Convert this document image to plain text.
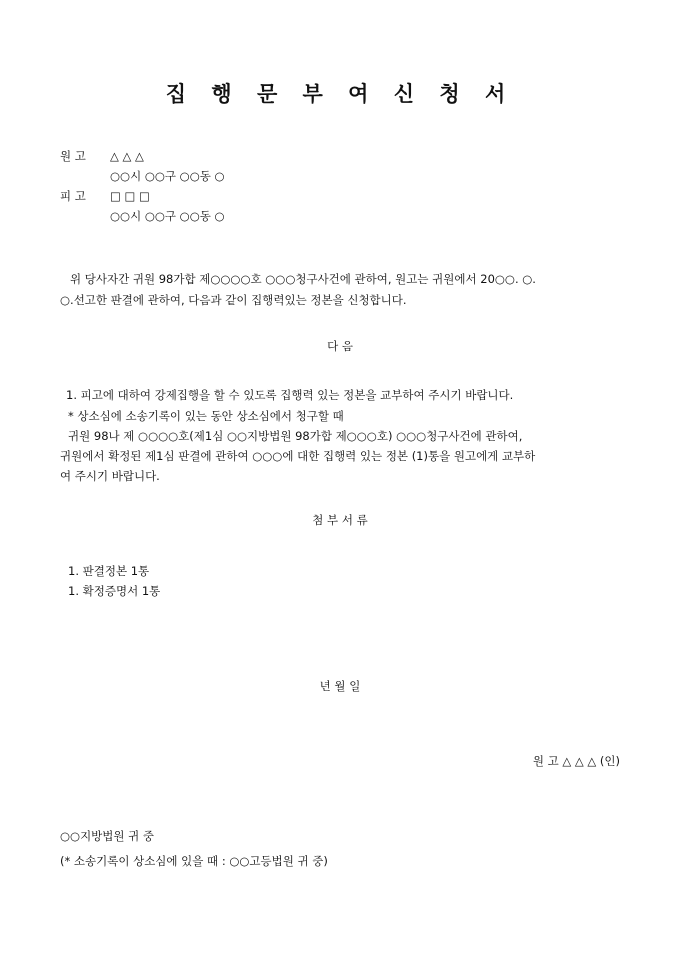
집 행 문 부 여 신 청 서
원 고 △ △ △
○○시 ○○구 ○○동 ○
피 고 □ □ □
○○시 ○○구 ○○동 ○
위 당사자간 귀원 98가합 제○○○○호 ○○○청구사건에 관하여, 원고는 귀원에서 20○○. ○.
○.선고한 판결에 관하여, 다음과 같이 집행력있는 정본을 신청합니다.
다 음
1. 피고에 대하여 강제집행을 할 수 있도록 집행력 있는 정본을 교부하여 주시기 바랍니다.
* 상소심에 소송기록이 있는 동안 상소심에서 청구할 때
귀원 98나 제 ○○○○호(제1심 ○○지방법원 98가합 제○○○호) ○○○청구사건에 관하여,
귀원에서 확정된 제1심 판결에 관하여 ○○○에 대한 집행력 있는 정본 (1)통을 원고에게 교부하
여 주시기 바랍니다.
첨 부 서 류
1. 판결정본 1통
1. 확정증명서 1통
년 월 일
원 고 △ △ △ (인)
○○지방법원 귀 중
(* 소송기록이 상소심에 있을 때 : ○○고등법원 귀 중)
